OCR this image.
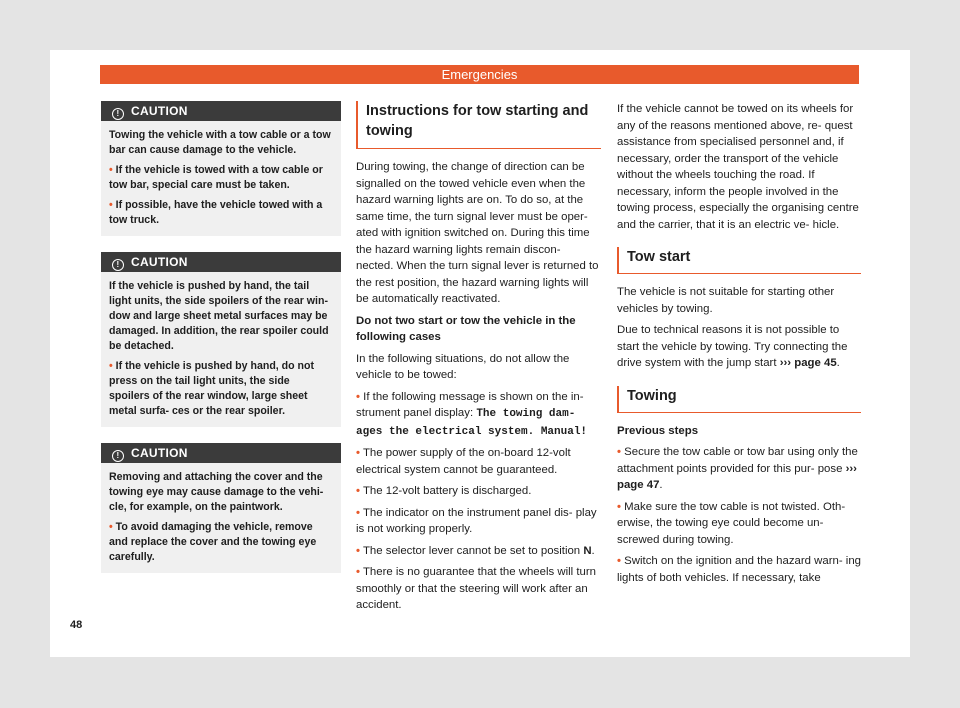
Emergencies
! CAUTION

Towing the vehicle with a tow cable or a tow bar can cause damage to the vehicle.

• If the vehicle is towed with a tow cable or tow bar, special care must be taken.

• If possible, have the vehicle towed with a tow truck.

! CAUTION

If the vehicle is pushed by hand, the tail light units, the side spoilers of the rear win- dow and large sheet metal surfaces may be damaged. In addition, the rear spoiler could be detached.

• If the vehicle is pushed by hand, do not press on the tail light units, the side spoilers of the rear window, large sheet metal surfa- ces or the rear spoiler.

! CAUTION

Removing and attaching the cover and the towing eye may cause damage to the vehi- cle, for example, on the paintwork.

• To avoid damaging the vehicle, remove and replace the cover and the towing eye carefully.

Instructions for tow starting and towing

During towing, the change of direction can be signalled on the towed vehicle even when the hazard warning lights are on. To do so, at the same time, the turn signal lever must be oper- ated with ignition switched on. During this time the hazard warning lights remain discon- nected. When the turn signal lever is returned to the rest position, the hazard warning lights will be automatically reactivated.

Do not two start or tow the vehicle in the following cases

In the following situations, do not allow the vehicle to be towed:

• If the following message is shown on the in- strument panel display: The towing dam- ages the electrical system. Manual!

• The power supply of the on-board 12-volt electrical system cannot be guaranteed.

• The 12-volt battery is discharged.

• The indicator on the instrument panel dis- play is not working properly.

• The selector lever cannot be set to position N.

• There is no guarantee that the wheels will turn smoothly or that the steering will work after an accident.

If the vehicle cannot be towed on its wheels for any of the reasons mentioned above, re- quest assistance from specialised personnel and, if necessary, order the transport of the vehicle without the wheels touching the road. If necessary, inform the people involved in the towing process, especially the organising centre and the carrier, that it is an electric ve- hicle.

Tow start

The vehicle is not suitable for starting other vehicles by towing.

Due to technical reasons it is not possible to start the vehicle by towing. Try connecting the drive system with the jump start ››› page 45.

Towing

Previous steps

• Secure the tow cable or tow bar using only the attachment points provided for this pur- pose ››› page 47.

• Make sure the tow cable is not twisted. Oth- erwise, the towing eye could become un- screwed during towing.

• Switch on the ignition and the hazard warn- ing lights of both vehicles. If necessary, take

48
